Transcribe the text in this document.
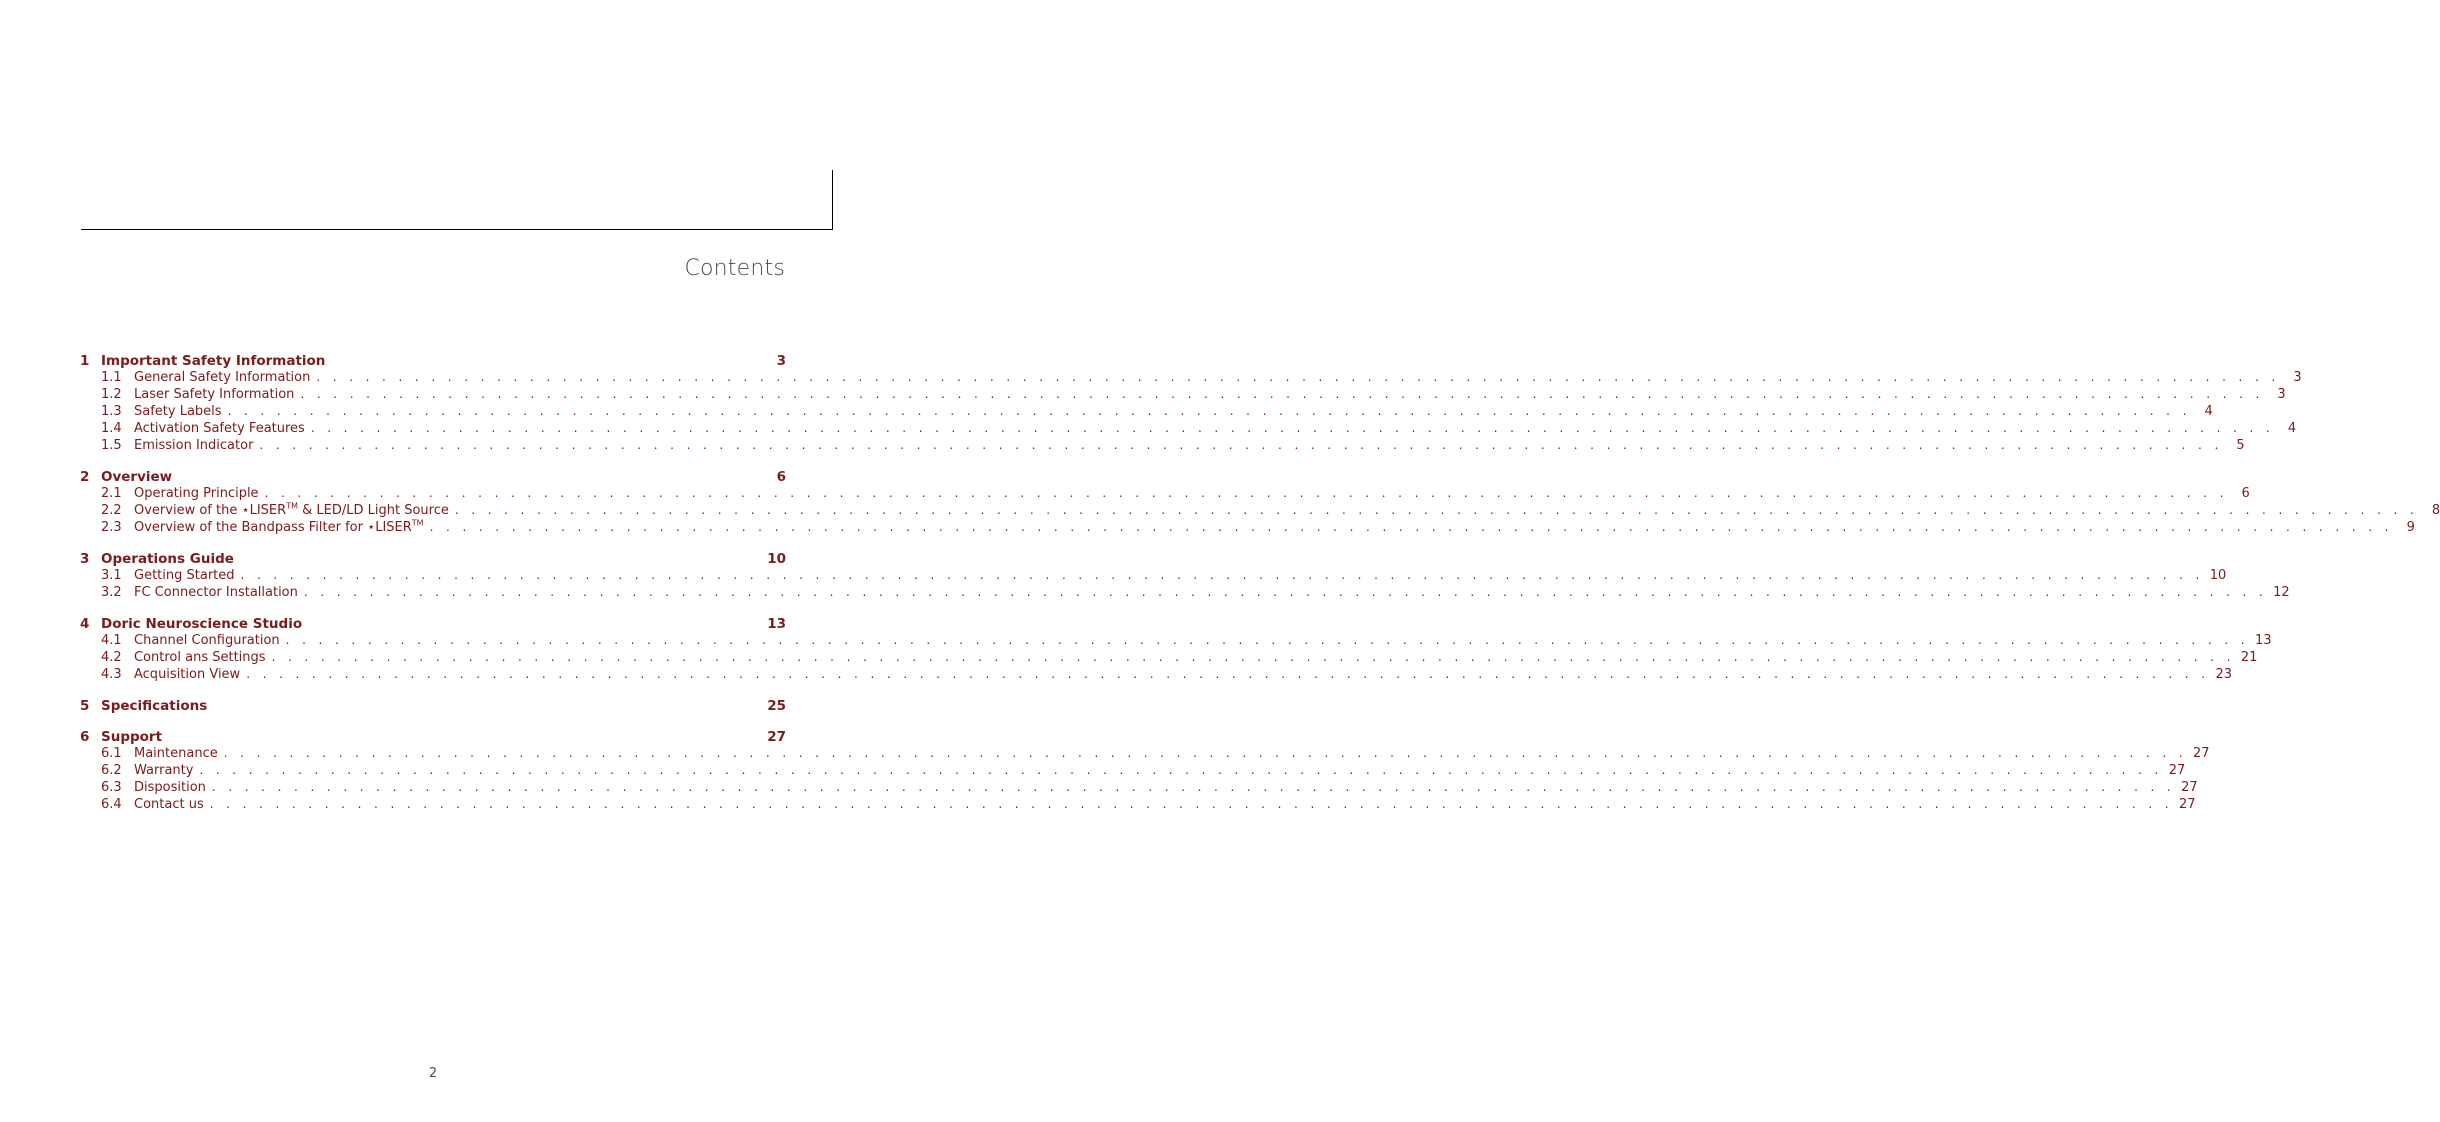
Contents
1 Important Safety Information	3
1.1 General Safety Information . . . . . . . . . . . . . . . . . . . . . . . . . . . . . . . . . . . . . . . . . . . . . . . . . . . . . . . . . . . . . . . . . . . . . . . . . . . . . . . . . . . . . . . . . . . . . . . . . . . . . . . . . . . . . . . . . . . . . . . .	3
1.2 Laser Safety Information . . . . . . . . . . . . . . . . . . . . . . . . . . . . . . . . . . . . . . . . . . . . . . . . . . . . . . . . . . . . . . . . . . . . . . . . . . . . . . . . . . . . . . . . . . . . . . . . . . . . . . . . . . . . . . . . . . . . . . . .	3
1.3 Safety Labels . . . . . . . . . . . . . . . . . . . . . . . . . . . . . . . . . . . . . . . . . . . . . . . . . . . . . . . . . . . . . . . . . . . . . . . . . . . . . . . . . . . . . . . . . . . . . . . . . . . . . . . . . . . . . . . . . . . . . . . .	4
1.4 Activation Safety Features . . . . . . . . . . . . . . . . . . . . . . . . . . . . . . . . . . . . . . . . . . . . . . . . . . . . . . . . . . . . . . . . . . . . . . . . . . . . . . . . . . . . . . . . . . . . . . . . . . . . . . . . . . . . . . . . . . . . . . . .	4
1.5 Emission Indicator . . . . . . . . . . . . . . . . . . . . . . . . . . . . . . . . . . . . . . . . . . . . . . . . . . . . . . . . . . . . . . . . . . . . . . . . . . . . . . . . . . . . . . . . . . . . . . . . . . . . . . . . . . . . . . . . . . . . . . . .	5
2 Overview	6
2.1 Operating Principle . . . . . . . . . . . . . . . . . . . . . . . . . . . . . . . . . . . . . . . . . . . . . . . . . . . . . . . . . . . . . . . . . . . . . . . . . . . . . . . . . . . . . . . . . . . . . . . . . . . . . . . . . . . . . . . . . . . . . . . .	6
2.2 Overview of the ⋆LISER™ & LED/LD Light Source . . . . . . . . . . . . . . . . . . . . . . . . . . . . . . . . . . . . . . . . . . . . . . . . . . . . . . . . . . . . . . . . . . . . . . . . . . . . . . . . . . . . . . . . . . . . . . . . . . . . . . . . . . . . . . . . . . . . . . . .	8
2.3 Overview of the Bandpass Filter for ⋆LISER™ . . . . . . . . . . . . . . . . . . . . . . . . . . . . . . . . . . . . . . . . . . . . . . . . . . . . . . . . . . . . . . . . . . . . . . . . . . . . . . . . . . . . . . . . . . . . . . . . . . . . . . . . . . . . . . . . . . . . . . . .	9
3 Operations Guide	10
3.1 Getting Started . . . . . . . . . . . . . . . . . . . . . . . . . . . . . . . . . . . . . . . . . . . . . . . . . . . . . . . . . . . . . . . . . . . . . . . . . . . . . . . . . . . . . . . . . . . . . . . . . . . . . . . . . . . . . . . . . . . . . . . . 10
3.2 FC Connector Installation . . . . . . . . . . . . . . . . . . . . . . . . . . . . . . . . . . . . . . . . . . . . . . . . . . . . . . . . . . . . . . . . . . . . . . . . . . . . . . . . . . . . . . . . . . . . . . . . . . . . . . . . . . . . . . . . . . . . . . . . 12
4 Doric Neuroscience Studio	13
4.1 Channel Configuration . . . . . . . . . . . . . . . . . . . . . . . . . . . . . . . . . . . . . . . . . . . . . . . . . . . . . . . . . . . . . . . . . . . . . . . . . . . . . . . . . . . . . . . . . . . . . . . . . . . . . . . . . . . . . . . . . . . . . . . . 13
4.2 Control ans Settings . . . . . . . . . . . . . . . . . . . . . . . . . . . . . . . . . . . . . . . . . . . . . . . . . . . . . . . . . . . . . . . . . . . . . . . . . . . . . . . . . . . . . . . . . . . . . . . . . . . . . . . . . . . . . . . . . . . . . . . . 21
4.3 Acquisition View . . . . . . . . . . . . . . . . . . . . . . . . . . . . . . . . . . . . . . . . . . . . . . . . . . . . . . . . . . . . . . . . . . . . . . . . . . . . . . . . . . . . . . . . . . . . . . . . . . . . . . . . . . . . . . . . . . . . . . . . 23
5 Specifications	25
6 Support	27
6.1 Maintenance . . . . . . . . . . . . . . . . . . . . . . . . . . . . . . . . . . . . . . . . . . . . . . . . . . . . . . . . . . . . . . . . . . . . . . . . . . . . . . . . . . . . . . . . . . . . . . . . . . . . . . . . . . . . . . . . . . . . . . . . 27
6.2 Warranty . . . . . . . . . . . . . . . . . . . . . . . . . . . . . . . . . . . . . . . . . . . . . . . . . . . . . . . . . . . . . . . . . . . . . . . . . . . . . . . . . . . . . . . . . . . . . . . . . . . . . . . . . . . . . . . . . . . . . . . . 27
6.3 Disposition . . . . . . . . . . . . . . . . . . . . . . . . . . . . . . . . . . . . . . . . . . . . . . . . . . . . . . . . . . . . . . . . . . . . . . . . . . . . . . . . . . . . . . . . . . . . . . . . . . . . . . . . . . . . . . . . . . . . . . . . 27
6.4 Contact us . . . . . . . . . . . . . . . . . . . . . . . . . . . . . . . . . . . . . . . . . . . . . . . . . . . . . . . . . . . . . . . . . . . . . . . . . . . . . . . . . . . . . . . . . . . . . . . . . . . . . . . . . . . . . . . . . . . . . . . . 27
2
